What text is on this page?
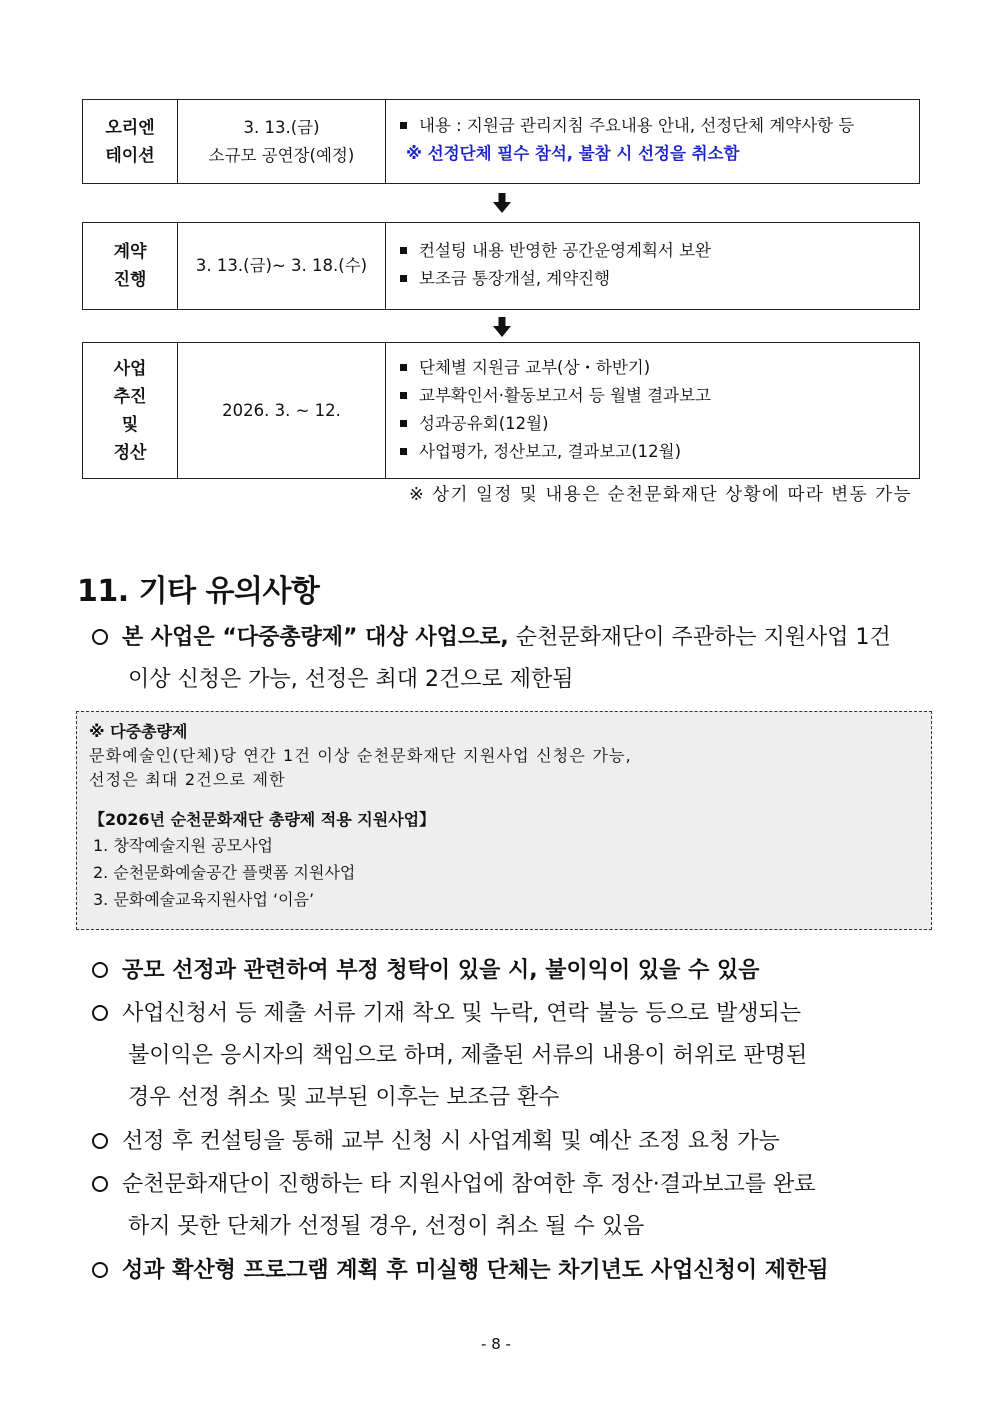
오리엔
테이션
3. 13.(금)
소규모 공연장(예정)
내용 : 지원금 관리지침 주요내용 안내, 선정단체 계약사항 등
※ 선정단체 필수 참석, 불참 시 선정을 취소함
계약
진행
3. 13.(금)~ 3. 18.(수)
컨설팅 내용 반영한 공간운영계획서 보완
보조금 통장개설, 계약진행
사업
추진
및
정산
2026. 3. ~ 12.
단체별 지원금 교부(상・하반기)
교부확인서·활동보고서 등 월별 결과보고
성과공유회(12월)
사업평가, 정산보고, 결과보고(12월)
※ 상기 일정 및 내용은 순천문화재단 상황에 따라 변동 가능
11. 기타 유의사항
본 사업은 “다중총량제” 대상 사업으로, 순천문화재단이 주관하는 지원사업 1건
이상 신청은 가능, 선정은 최대 2건으로 제한됨
※ 다중총량제
문화예술인(단체)당 연간 1건 이상 순천문화재단 지원사업 신청은 가능,
선정은 최대 2건으로 제한
【2026년 순천문화재단 총량제 적용 지원사업】
1. 창작예술지원 공모사업
2. 순천문화예술공간 플랫폼 지원사업
3. 문화예술교육지원사업 ‘이음’
공모 선정과 관련하여 부정 청탁이 있을 시, 불이익이 있을 수 있음
사업신청서 등 제출 서류 기재 착오 및 누락, 연락 불능 등으로 발생되는
불이익은 응시자의 책임으로 하며, 제출된 서류의 내용이 허위로 판명된
경우 선정 취소 및 교부된 이후는 보조금 환수
선정 후 컨설팅을 통해 교부 신청 시 사업계획 및 예산 조정 요청 가능
순천문화재단이 진행하는 타 지원사업에 참여한 후 정산·결과보고를 완료
하지 못한 단체가 선정될 경우, 선정이 취소 될 수 있음
성과 확산형 프로그램 계획 후 미실행 단체는 차기년도 사업신청이 제한됨
- 8 -
